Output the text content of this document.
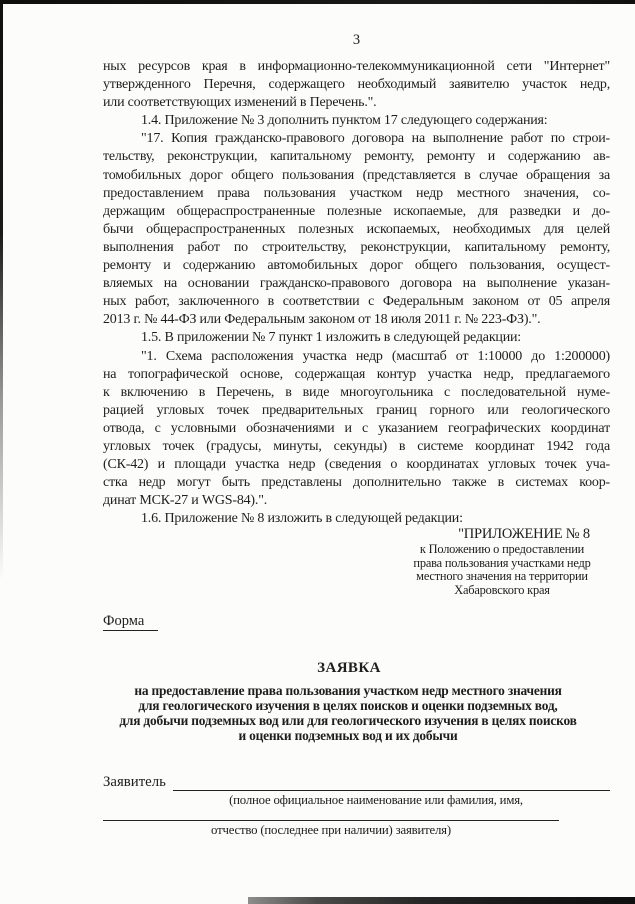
3
ных ресурсов края в информационно-телекоммуникационной сети "Интернет"
утвержденного Перечня, содержащего необходимый заявителю участок недр,
или соответствующих изменений в Перечень.".
1.4. Приложение № 3 дополнить пунктом 17 следующего содержания:
"17. Копия гражданско-правового договора на выполнение работ по строи-
тельству, реконструкции, капитальному ремонту, ремонту и содержанию ав-
томобильных дорог общего пользования (представляется в случае обращения за
предоставлением права пользования участком недр местного значения, со-
держащим общераспространенные полезные ископаемые, для разведки и до-
бычи общераспространенных полезных ископаемых, необходимых для целей
выполнения работ по строительству, реконструкции, капитальному ремонту,
ремонту и содержанию автомобильных дорог общего пользования, осущест-
вляемых на основании гражданско-правового договора на выполнение указан-
ных работ, заключенного в соответствии с Федеральным законом от 05 апреля
2013 г. № 44-ФЗ или Федеральным законом от 18 июля 2011 г. № 223-ФЗ).".
1.5. В приложении № 7 пункт 1 изложить в следующей редакции:
"1. Схема расположения участка недр (масштаб от 1:10000 до 1:200000)
на топографической основе, содержащая контур участка недр, предлагаемого
к включению в Перечень, в виде многоугольника с последовательной нуме-
рацией угловых точек предварительных границ горного или геологического
отвода, с условными обозначениями и с указанием географических координат
угловых точек (градусы, минуты, секунды) в системе координат 1942 года
(СК-42) и площади участка недр (сведения о координатах угловых точек уча-
стка недр могут быть представлены дополнительно также в системах коор-
динат МСК-27 и WGS-84).".
1.6. Приложение № 8 изложить в следующей редакции:
"ПРИЛОЖЕНИЕ № 8
к Положению о предоставлении
права пользования участками недр
местного значения на территории
Хабаровского края
Форма
ЗАЯВКА
на предоставление права пользования участком недр местного значения
для геологического изучения в целях поисков и оценки подземных вод,
для добычи подземных вод или для геологического изучения в целях поисков
и оценки подземных вод и их добычи
Заявитель
(полное официальное наименование или фамилия, имя,
отчество (последнее при наличии) заявителя)
